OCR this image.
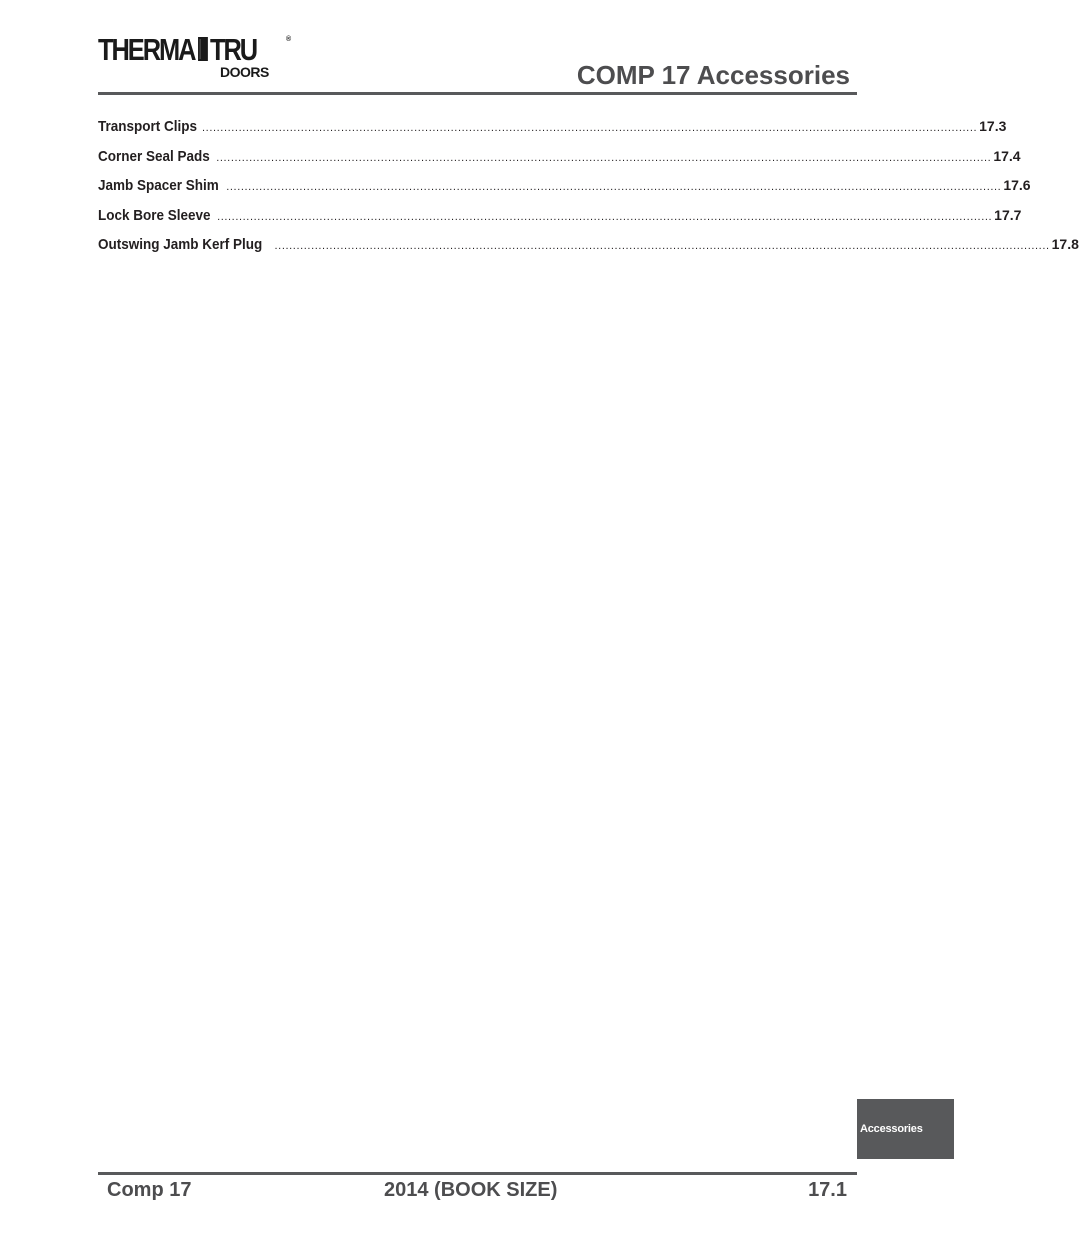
THERMA TRU	®
DOORS	COMP 17 Accessories
Transport Clips .................................................................................................................................................................................................................... 17.3
Corner Seal Pads .................................................................................................................................................................................................................... 17.4
Jamb Spacer Shim .................................................................................................................................................................................................................... 17.6
Lock Bore Sleeve .................................................................................................................................................................................................................... 17.7
Outswing Jamb Kerf Plug .................................................................................................................................................................................................................... 17.8
Accessories
Comp 17	2014 (BOOK SIZE)	17.1
